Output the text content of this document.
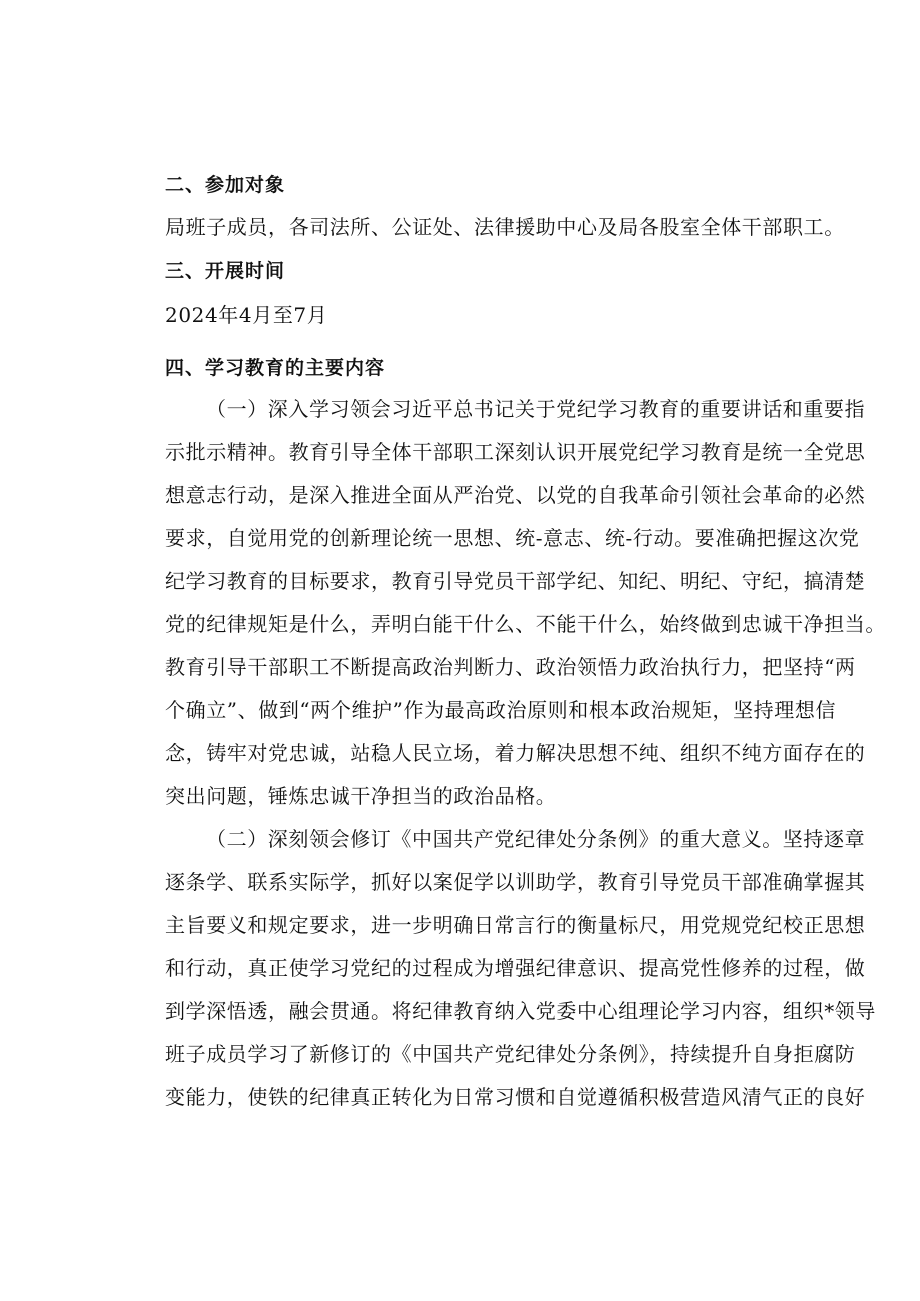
二、参加对象
局班子成员，各司法所、公证处、法律援助中心及局各股室全体干部职工。
三、开展时间
2024年4月至7月
四、学习教育的主要内容
（一）深入学习领会习近平总书记关于党纪学习教育的重要讲话和重要指
示批示精神。教育引导全体干部职工深刻认识开展党纪学习教育是统一全党思
想意志行动，是深入推进全面从严治党、以党的自我革命引领社会革命的必然
要求，自觉用党的创新理论统一思想、统-意志、统-行动。要准确把握这次党
纪学习教育的目标要求，教育引导党员干部学纪、知纪、明纪、守纪，搞清楚
党的纪律规矩是什么，弄明白能干什么、不能干什么，始终做到忠诚干净担当。
教育引导干部职工不断提高政治判断力、政治领悟力政治执行力，把坚持“两
个确立”、做到“两个维护”作为最高政治原则和根本政治规矩，坚持理想信
念，铸牢对党忠诚，站稳人民立场，着力解决思想不纯、组织不纯方面存在的
突出问题，锤炼忠诚干净担当的政治品格。
（二）深刻领会修订《中国共产党纪律处分条例》的重大意义。坚持逐章
逐条学、联系实际学，抓好以案促学以训助学，教育引导党员干部准确掌握其
主旨要义和规定要求，进一步明确日常言行的衡量标尺，用党规党纪校正思想
和行动，真正使学习党纪的过程成为增强纪律意识、提高党性修养的过程，做
到学深悟透，融会贯通。将纪律教育纳入党委中心组理论学习内容，组织*领导
班子成员学习了新修订的《中国共产党纪律处分条例》，持续提升自身拒腐防
变能力，使铁的纪律真正转化为日常习惯和自觉遵循积极营造风清气正的良好
